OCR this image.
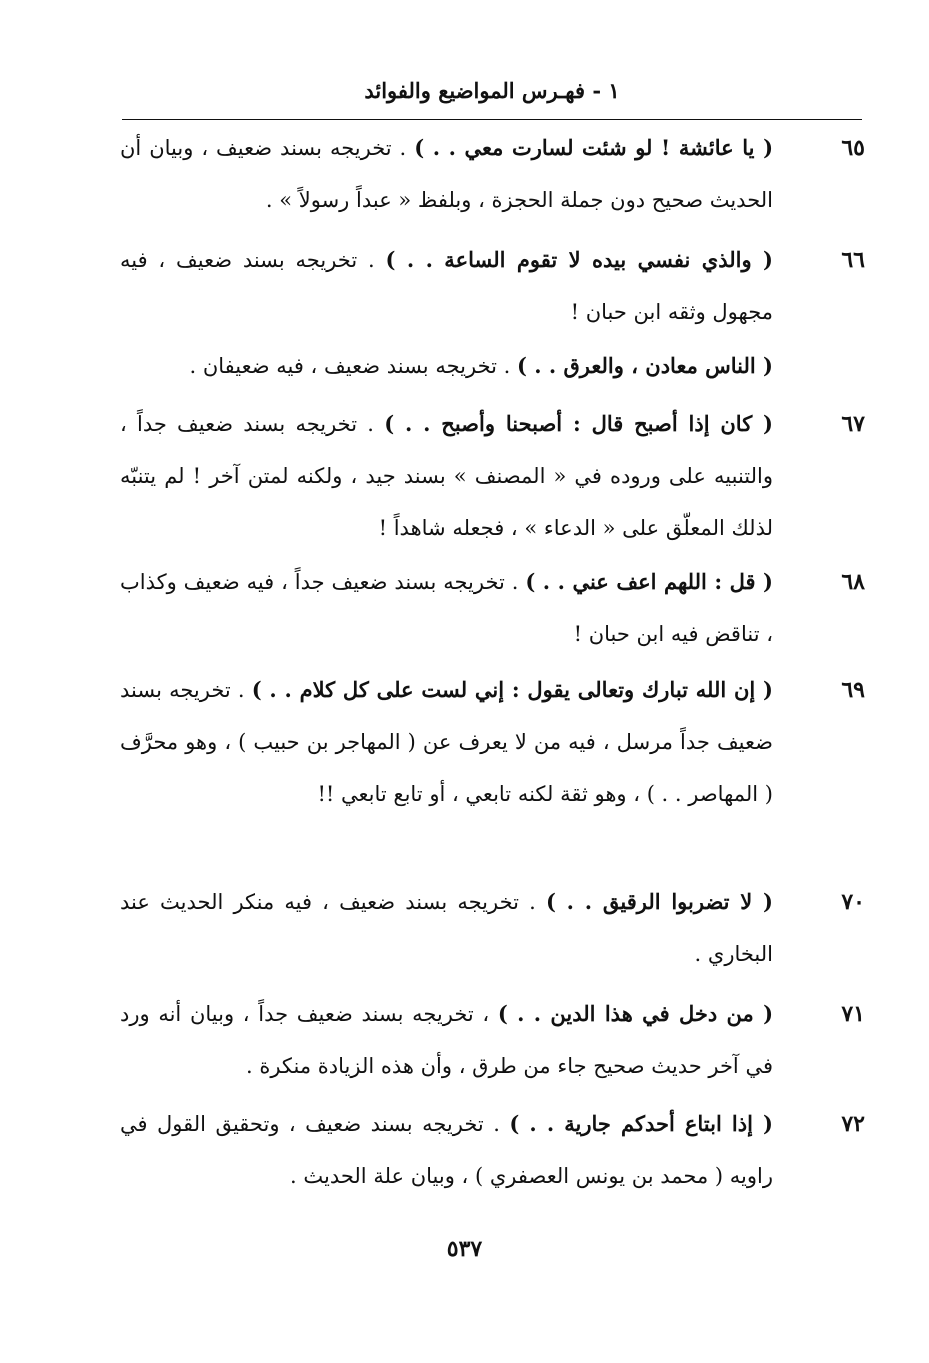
١ - فهـرس المواضيع والفوائد
٦٥
( يا عائشة ! لو شئت لسارت معي . . ) . تخريجه بسند ضعيف ، وبيان أن الحديث صحيح دون جملة الحجزة ، وبلفظ « عبداً رسولاً » .
٦٦
( والذي نفسي بيده لا تقوم الساعة . . ) . تخريجه بسند ضعيف ، فيه مجهول وثقه ابن حبان !
( الناس معادن ، والعرق . . ) . تخريجه بسند ضعيف ، فيه ضعيفان .
٦٧
( كان إذا أصبح قال : أصبحنا وأصبح . . ) . تخريجه بسند ضعيف جداً ، والتنبيه على وروده في « المصنف » بسند جيد ، ولكنه لمتن آخر ! لم يتنبّه لذلك المعلّق على « الدعاء » ، فجعله شاهداً !
٦٨
( قل : اللهم اعف عني . . ) . تخريجه بسند ضعيف جداً ، فيه ضعيف وكذاب ، تناقض فيه ابن حبان !
٦٩
( إن الله تبارك وتعالى يقول : إني لست على كل كلام . . ) . تخريجه بسند ضعيف جداً مرسل ، فيه من لا يعرف عن ( المهاجر بن حبيب ) ، وهو محرَّف ( المهاصر . . ) ، وهو ثقة لكنه تابعي ، أو تابع تابعي !!
٧٠
( لا تضربوا الرقيق . . ) . تخريجه بسند ضعيف ، فيه منكر الحديث عند البخاري .
٧١
( من دخل في هذا الدين . . ) ، تخريجه بسند ضعيف جداً ، وبيان أنه ورد في آخر حديث صحيح جاء من طرق ، وأن هذه الزيادة منكرة .
٧٢
( إذا ابتاع أحدكم جارية . . ) . تخريجه بسند ضعيف ، وتحقيق القول في راويه ( محمد بن يونس العصفري ) ، وبيان علة الحديث .
٥٣٧
